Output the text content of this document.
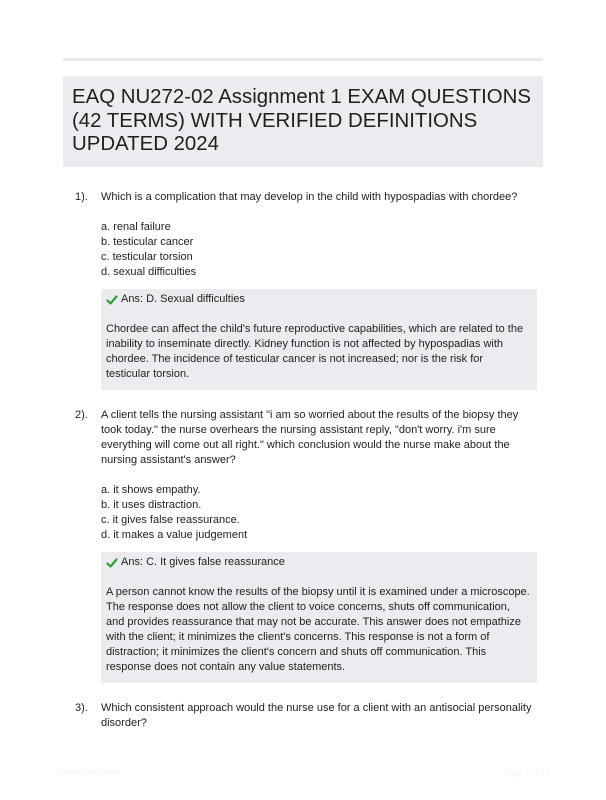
EAQ NU272-02 Assignment 1 EXAM QUESTIONS (42 TERMS) WITH VERIFIED DEFINITIONS UPDATED 2024
1). Which is a complication that may develop in the child with hypospadias with chordee?

a. renal failure
b. testicular cancer
c. testicular torsion
d. sexual difficulties
Ans: D. Sexual difficulties

Chordee can affect the child's future reproductive capabilities, which are related to the inability to inseminate directly. Kidney function is not affected by hypospadias with chordee. The incidence of testicular cancer is not increased; nor is the risk for testicular torsion.

2). A client tells the nursing assistant "i am so worried about the results of the biopsy they took today." the nurse overhears the nursing assistant reply, "don't worry. i'm sure everything will come out all right." which conclusion would the nurse make about the nursing assistant's answer?

a. it shows empathy.
b. it uses distraction.
c. it gives false reassurance.
d. it makes a value judgement
Ans: C. It gives false reassurance

A person cannot know the results of the biopsy until it is examined under a microscope. The response does not allow the client to voice concerns, shuts off communication, and provides reassurance that may not be accurate. This answer does not empathize with the client; it minimizes the client's concerns. This response is not a form of distraction; it minimizes the client's concern and shuts off communication. This response does not contain any value statements.

3). Which consistent approach would the nurse use for a client with an antisocial personality disorder?

PaperStitic.com	Page 1 of 19
